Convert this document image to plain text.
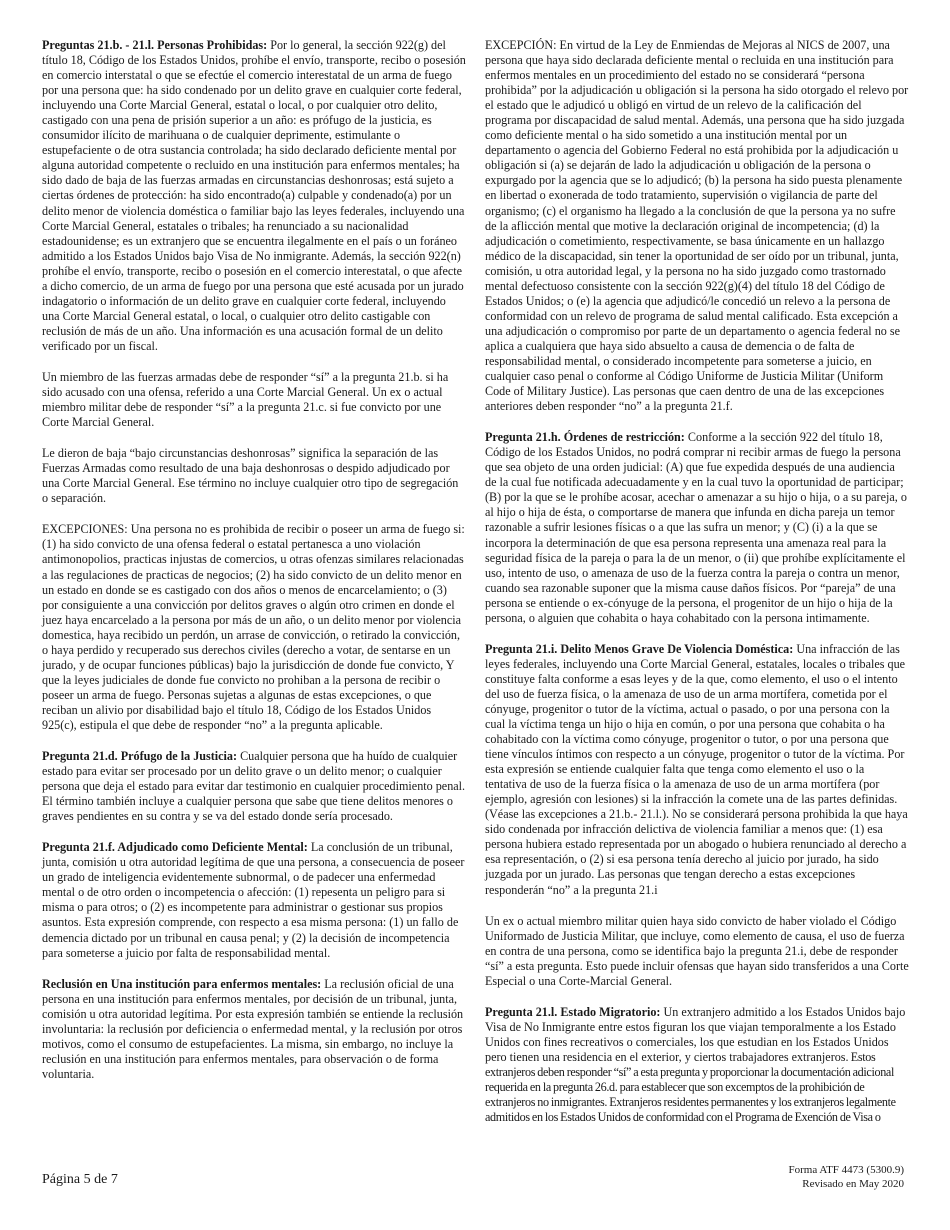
Preguntas 21.b. - 21.l. Personas Prohibidas: Por lo general, la sección 922(g) del título 18, Código de los Estados Unidos, prohíbe el envío, transporte, recibo o posesión en comercio interstatal o que se efectúe el comercio interestatal de un arma de fuego por una persona que: ha sido condenado por un delito grave en cualquier corte federal, incluyendo una Corte Marcial General, estatal o local, o por cualquier otro delito, castigado con una pena de prisión superior a un año: es prófugo de la justicia, es consumidor ilícito de marihuana o de cualquier deprimente, estimulante o estupefaciente o de otra sustancia controlada; ha sido declarado deficiente mental por alguna autoridad competente o recluido en una institución para enfermos mentales; ha sido dado de baja de las fuerzas armadas en circunstancias deshonrosas; está sujeto a ciertas órdenes de protección: ha sido encontrado(a) culpable y condenado(a) por un delito menor de violencia doméstica o familiar bajo las leyes federales, incluyendo una Corte Marcial General, estatales o tribales; ha renunciado a su nacionalidad estadounidense; es un extranjero que se encuentra ilegalmente en el país o un foráneo admitido a los Estados Unidos bajo Visa de No inmigrante. Además, la sección 922(n) prohíbe el envío, transporte, recibo o posesión en el comercio interestatal, o que afecte a dicho comercio, de un arma de fuego por una persona que esté acusada por un jurado indagatorio o información de un delito grave en cualquier corte federal, incluyendo una Corte Marcial General estatal, o local, o cualquier otro delito castigable con reclusión de más de un año. Una información es una acusación formal de un delito verificado por un fiscal.

Un miembro de las fuerzas armadas debe de responder “sí” a la pregunta 21.b. si ha sido acusado con una ofensa, referido a una Corte Marcial General. Un ex o actual miembro militar debe de responder “sí” a la pregunta 21.c. si fue convicto por une Corte Marcial General.

Le dieron de baja “bajo circunstancias deshonrosas” significa la separación de las Fuerzas Armadas como resultado de una baja deshonrosas o despido adjudicado por una Corte Marcial General. Ese término no incluye cualquier otro tipo de segregación o separación.

EXCEPCIONES: Una persona no es prohibida de recibir o poseer un arma de fuego si: (1) ha sido convicto de una ofensa federal o estatal pertanesca a uno violación antimonopolios, practicas injustas de comercios, u otras ofenzas similares relacionadas a las regulaciones de practicas de negocios; (2) ha sido convicto de un delito menor en un estado en donde se es castigado con dos años o menos de encarcelamiento; o (3) por consiguiente a una convicción por delitos graves o algún otro crimen en donde el juez haya encarcelado a la persona por más de un año, o un delito menor por violencia domestica, haya recibido un perdón, un arrase de convicción, o retirado la convicción, o haya perdido y recuperado sus derechos civiles (derecho a votar, de sentarse en un jurado, y de ocupar funciones públicas) bajo la jurisdicción de donde fue convicto, Y que la leyes judiciales de donde fue convicto no prohiban a la persona de recibir o poseer un arma de fuego. Personas sujetas a algunas de estas excepciones, o que reciban un alivio por disabilidad bajo el título 18, Código de los Estados Unidos 925(c), estipula el que debe de responder “no” a la pregunta aplicable.

Pregunta 21.d. Prófugo de la Justicia: Cualquier persona que ha huído de cualquier estado para evitar ser procesado por un delito grave o un delito menor; o cualquier persona que deja el estado para evitar dar testimonio en cualquier procedimiento penal. El término también incluye a cualquier persona que sabe que tiene delitos menores o graves pendientes en su contra y se va del estado donde sería procesado.

Pregunta 21.f. Adjudicado como Deficiente Mental: La conclusión de un tribunal, junta, comisión u otra autoridad legítima de que una persona, a consecuencia de poseer un grado de inteligencia evidentemente subnormal, o de padecer una enfermedad mental o de otro orden o incompetencia o afección: (1) repesenta un peligro para si misma o para otros; o (2) es incompetente para administrar o gestionar sus propios asuntos. Esta expresión comprende, con respecto a esa misma persona: (1) un fallo de demencia dictado por un tribunal en causa penal; y (2) la decisión de incompetencia para someterse a juicio por falta de responsabilidad mental.

Reclusión en Una institución para enfermos mentales: La reclusión oficial de una persona en una institución para enfermos mentales, por decisión de un tribunal, junta, comisión u otra autoridad legítima. Por esta expresión también se entiende la reclusión involuntaria: la reclusión por deficiencia o enfermedad mental, y la reclusión por otros motivos, como el consumo de estupefacientes. La misma, sin embargo, no incluye la reclusión en una institución para enfermos mentales, para observación o de forma voluntaria.

EXCEPCIÓN: En virtud de la Ley de Enmiendas de Mejoras al NICS de 2007, una persona que haya sido declarada deficiente mental o recluida en una institución para enfermos mentales en un procedimiento del estado no se considerará “persona prohibida” por la adjudicación u obligación si la persona ha sido otorgado el relevo por el estado que le adjudicó u obligó en virtud de un relevo de la calificación del programa por discapacidad de salud mental. Además, una persona que ha sido juzgada como deficiente mental o ha sido sometido a una institución mental por un departamento o agencia del Gobierno Federal no está prohibida por la adjudicación u obligación si (a) se dejarán de lado la adjudicación u obligación de la persona o expurgado por la agencia que se lo adjudicó; (b) la persona ha sido puesta plenamente en libertad o exonerada de todo tratamiento, supervisión o vigilancia de parte del organismo; (c) el organismo ha llegado a la conclusión de que la persona ya no sufre de la aflicción mental que motive la declaración original de incompetencia; (d) la adjudicación o cometimiento, respectivamente, se basa únicamente en un hallazgo médico de la discapacidad, sin tener la oportunidad de ser oído por un tribunal, junta, comisión, u otra autoridad legal, y la persona no ha sido juzgado como trastornado mental defectuoso consistente con la sección 922(g)(4) del título 18 del Código de Estados Unidos; o (e) la agencia que adjudicó/le concedió un relevo a la persona de conformidad con un relevo de programa de salud mental calificado. Esta excepción a una adjudicación o compromiso por parte de un departamento o agencia federal no se aplica a cualquiera que haya sido absuelto a causa de demencia o de falta de responsabilidad mental, o considerado incompetente para someterse a juicio, en cualquier caso penal o conforme al Código Uniforme de Justicia Militar (Uniform Code of Military Justice). Las personas que caen dentro de una de las excepciones anteriores deben responder “no” a la pregunta 21.f.

Pregunta 21.h. Órdenes de restricción: Conforme a la sección 922 del título 18, Código de los Estados Unidos, no podrá comprar ni recibir armas de fuego la persona que sea objeto de una orden judicial: (A) que fue expedida después de una audiencia de la cual fue notificada adecuadamente y en la cual tuvo la oportunidad de participar; (B) por la que se le prohíbe acosar, acechar o amenazar a su hijo o hija, o a su pareja, o al hijo o hija de ésta, o comportarse de manera que infunda en dicha pareja un temor razonable a sufrir lesiones físicas o a que las sufra un menor; y (C) (i) a la que se incorpora la determinación de que esa persona representa una amenaza real para la seguridad física de la pareja o para la de un menor, o (ii) que prohíbe explícitamente el uso, intento de uso, o amenaza de uso de la fuerza contra la pareja o contra un menor, cuando sea razonable suponer que la misma cause daños físicos. Por “pareja” de una persona se entiende o ex-cónyuge de la persona, el progenitor de un hijo o hija de la persona, o alguien que cohabita o haya cohabitado con la persona intimamente.

Pregunta 21.i. Delito Menos Grave De Violencia Doméstica: Una infracción de las leyes federales, incluyendo una Corte Marcial General, estatales, locales o tribales que constituye falta conforme a esas leyes y de la que, como elemento, el uso o el intento del uso de fuerza física, o la amenaza de uso de un arma mortífera, cometida por el cónyuge, progenitor o tutor de la víctima, actual o pasado, o por una persona con la cual la víctima tenga un hijo o hija en común, o por una persona que cohabita o ha cohabitado con la víctima como cónyuge, progenitor o tutor, o por una persona que tiene vínculos íntimos con respecto a un cónyuge, progenitor o tutor de la víctima. Por esta expresión se entiende cualquier falta que tenga como elemento el uso o la tentativa de uso de la fuerza física o la amenaza de uso de un arma mortífera (por ejemplo, agresión con lesiones) si la infracción la comete una de las partes definidas. (Véase las excepciones a 21.b.- 21.l.). No se considerará persona prohibida la que haya sido condenada por infracción delictiva de violencia familiar a menos que: (1) esa persona hubiera estado representada por un abogado o hubiera renunciado al derecho a esa representación, o (2) si esa persona tenía derecho al juicio por jurado, ha sido juzgada por un jurado. Las personas que tengan derecho a estas excepciones responderán “no” a la pregunta 21.i

Un ex o actual miembro militar quien haya sido convicto de haber violado el Código Uniformado de Justicia Militar, que incluye, como elemento de causa, el uso de fuerza en contra de una persona, como se identifica bajo la pregunta 21.i, debe de responder “sí” a esta pregunta. Esto puede incluir ofensas que hayan sido transferidos a una Corte Especial o una Corte-Marcial General.

Pregunta 21.l. Estado Migratorio: Un extranjero admitido a los Estados Unidos bajo Visa de No Inmigrante entre estos figuran los que viajan temporalmente a los Estado Unidos con fines recreativos o comerciales, los que estudian en los Estados Unidos pero tienen una residencia en el exterior, y ciertos trabajadores extranjeros. Estos extranjeros deben responder “sí” a esta pregunta y proporcionar la documentación adicional requerida en la pregunta 26.d. para establecer que son excemptos de la prohibición de extranjeros no inmigrantes. Extranjeros residentes permanentes y los extranjeros legalmente admitidos en los Estados Unidos de conformidad con el Programa de Exención de Visa o

Página 5 de 7
Forma ATF 4473 (5300.9)
Revisado en May 2020
